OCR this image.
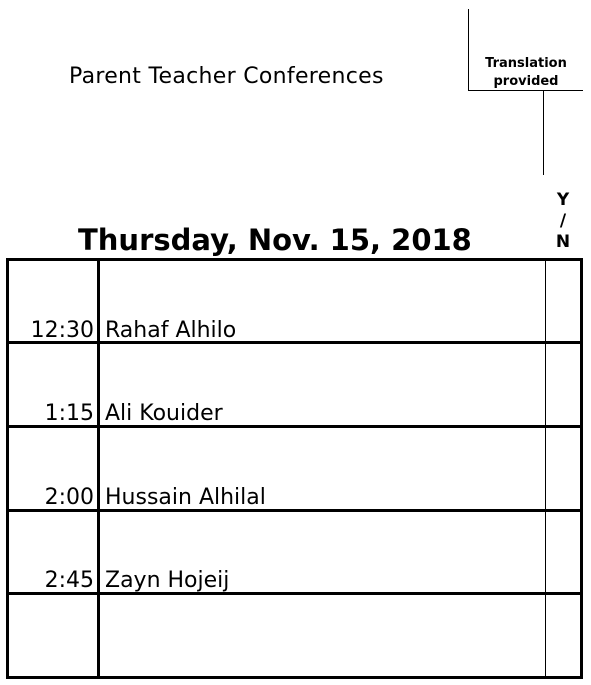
Parent Teacher Conferences
Translation
provided
Y
/
N
Thursday, Nov. 15, 2018
12:30 Rahaf Alhilo
1:15 Ali Kouider
2:00 Hussain Alhilal
2:45 Zayn Hojeij
